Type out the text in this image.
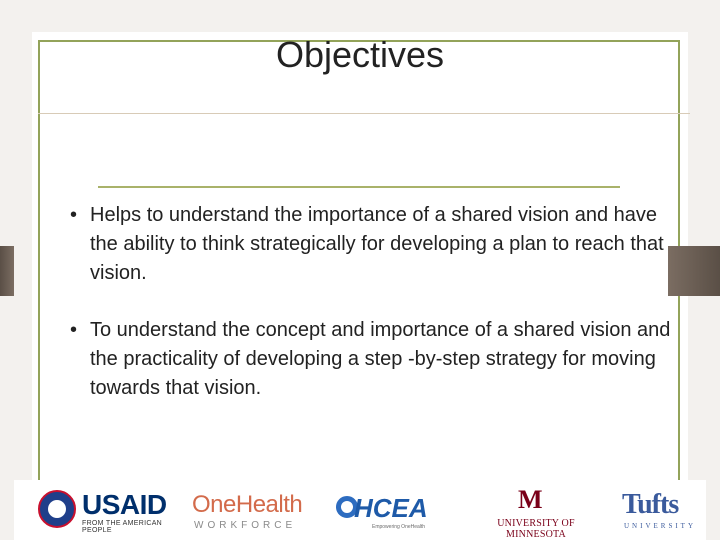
Objectives
• Helps to understand the importance of a shared vision and have the ability to think strategically for developing a plan to reach that vision.
• To understand the concept and importance of a shared vision and the practicality of developing a step -by-step strategy for moving towards that vision.
USAID
FROM THE AMERICAN PEOPLE
OneHealth
WORKFORCE
HCEA
Empowering OneHealth
M
UNIVERSITY OF MINNESOTA
Tufts
UNIVERSITY
